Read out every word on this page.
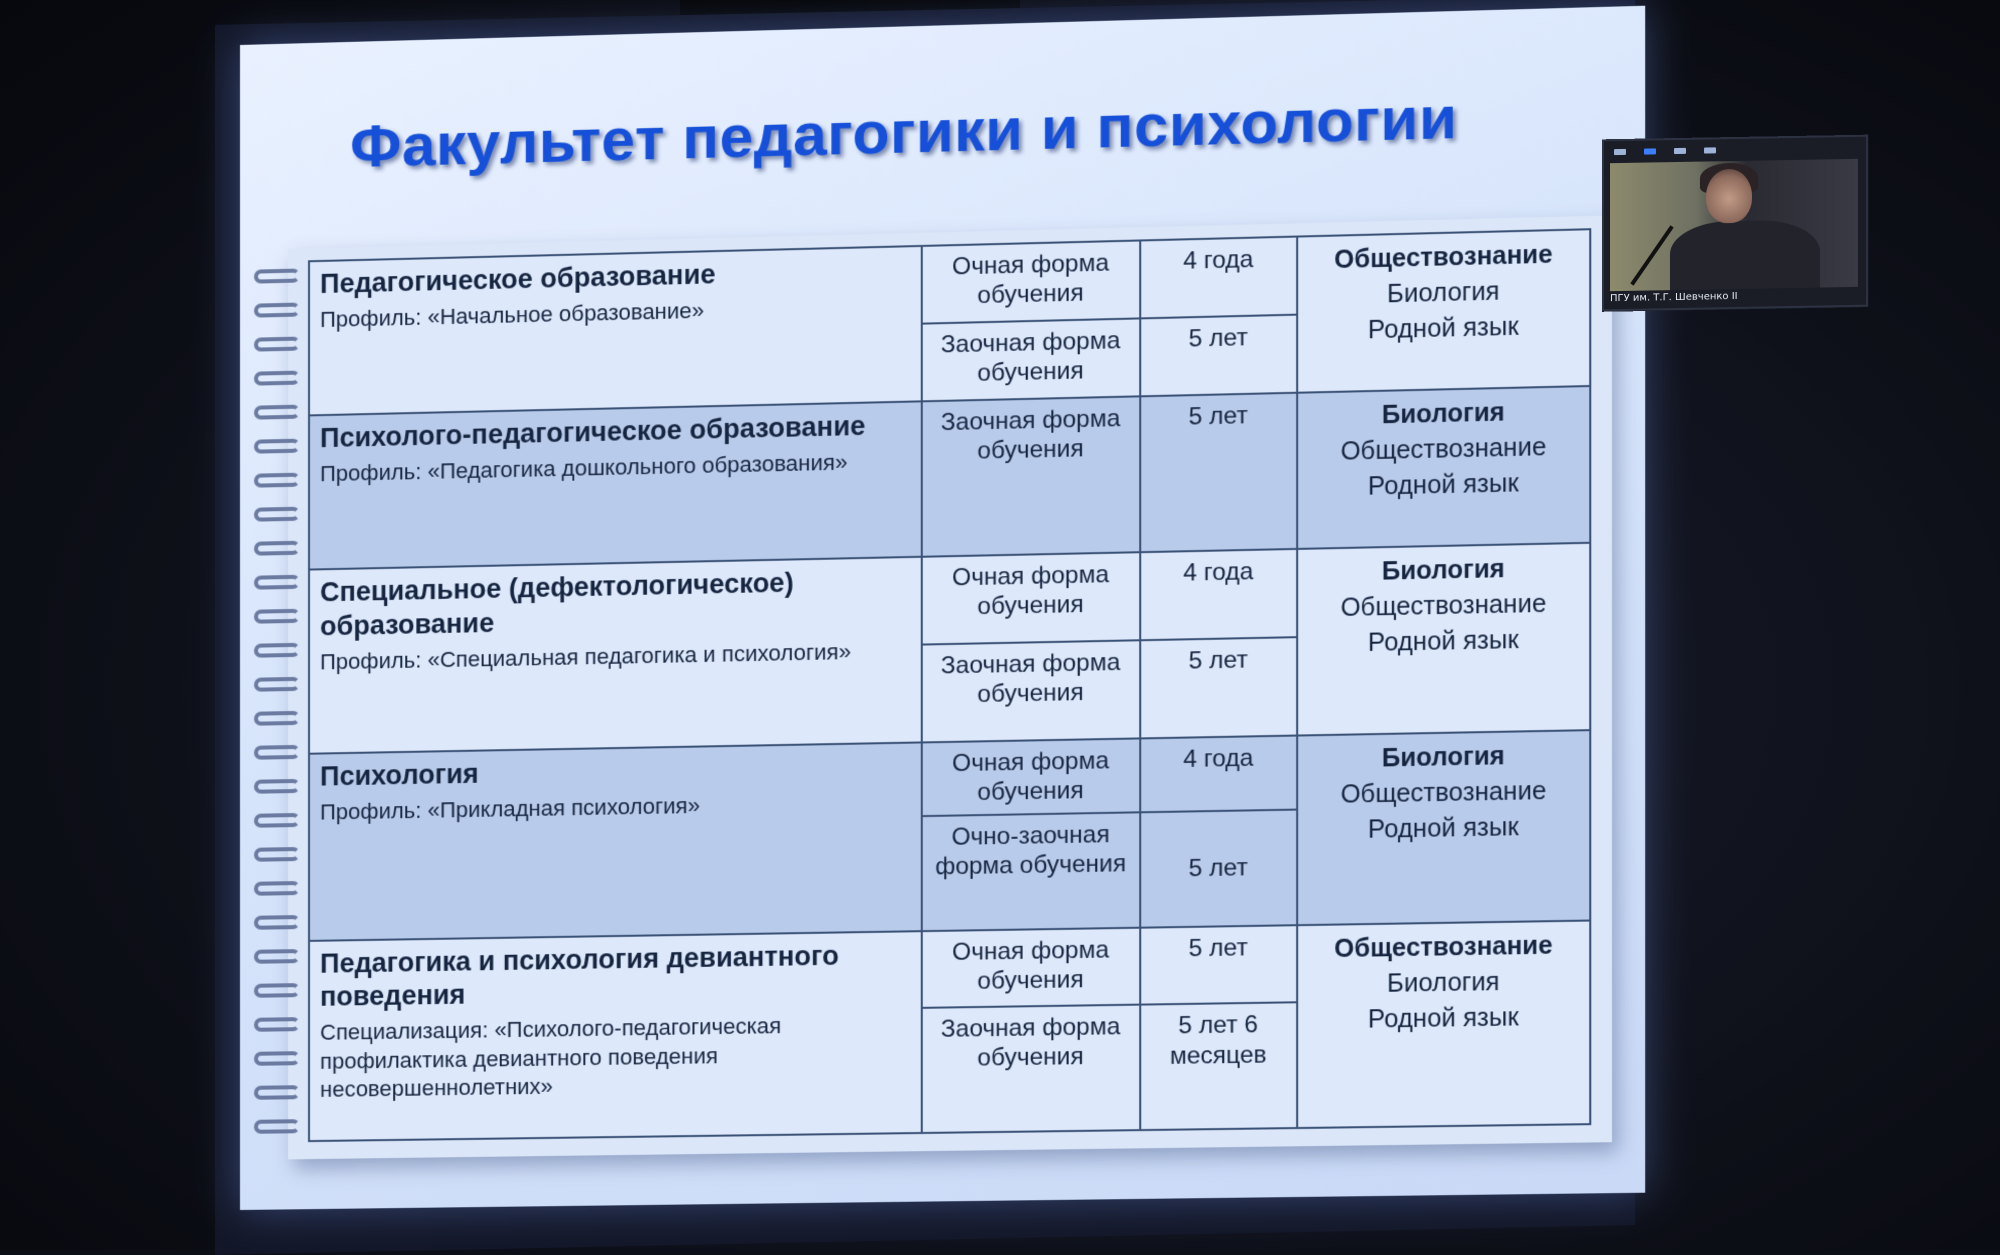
Факультет педагогики и психологии
Педагогическое образование
Профиль: «Начальное образование»	Очная форма обучения	4 года	Обществознание
Биология
Родной язык

	Заочная форма обучения	5 лет	

Психолого-педагогическое образование
Профиль: «Педагогика дошкольного образования»	Заочная форма обучения	5 лет	Биология
Обществознание
Родной язык

Специальное (дефектологическое) образование
Профиль: «Специальная педагогика и психология»	Очная форма обучения	4 года	Биология
Обществознание
Родной язык

	Заочная форма обучения	5 лет	

Психология
Профиль: «Прикладная психология»	Очная форма обучения	4 года	Биология
Обществознание
Родной язык

	Очно-заочная форма обучения	5 лет	

Педагогика и психология девиантного поведения
Специализация: «Психолого-педагогическая профилактика девиантного поведения несовершеннолетних»	Очная форма обучения	5 лет	Обществознание
Биология
Родной язык

	Заочная форма обучения	5 лет 6 месяцев	
ПГУ им. Т.Г. Шевченко II
